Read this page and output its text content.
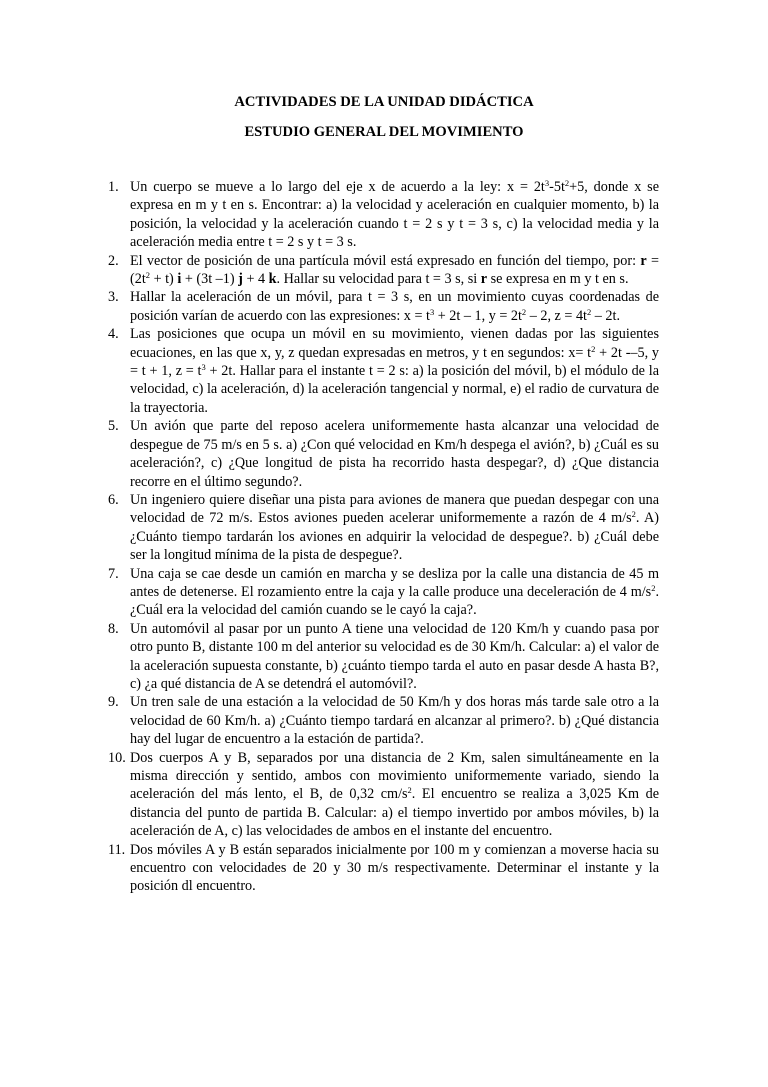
ACTIVIDADES DE LA UNIDAD DIDÁCTICA
ESTUDIO GENERAL DEL MOVIMIENTO
1. Un cuerpo se mueve a lo largo del eje x de acuerdo a la ley: $x = 2t^3-5t^2+5$, donde x se expresa en m y t en s. Encontrar: a) la velocidad y aceleración en cualquier momento, b) la posición, la velocidad y la aceleración cuando t = 2 s y t = 3 s, c) la velocidad media y la aceleración media entre t = 2 s y t = 3 s.
2. El vector de posición de una partícula móvil está expresado en función del tiempo, por: $r = (2t^2 + t) i + (3t$ –1) j + 4 k. Hallar su velocidad para t = 3 s, si r se expresa en m y t en s.
3. Hallar la aceleración de un móvil, para t = 3 s, en un movimiento cuyas coordenadas de posición varían de acuerdo con las expresiones: $x = t^3 + 2t - 1$, $y = 2t^2 - 2$, $z = 4t^2 - 2t$.
4. Las posiciones que ocupa un móvil en su movimiento, vienen dadas por las siguientes ecuaciones, en las que x, y, z quedan expresadas en metros, y t en segundos: $x= t^2 + 2t$ -–5, y = t + 1, $z = t^3 + 2t$. Hallar para el instante t = 2 s: a) la posición del móvil, b) el módulo de la velocidad, c) la aceleración, d) la aceleración tangencial y normal, e) el radio de curvatura de la trayectoria.
5. Un avión que parte del reposo acelera uniformemente hasta alcanzar una velocidad de despegue de 75 m/s en 5 s. a) ¿Con qué velocidad en Km/h despega el avión?, b) ¿Cuál es su aceleración?, c) ¿Que longitud de pista ha recorrido hasta despegar?, d) ¿Que distancia recorre en el último segundo?.
6. Un ingeniero quiere diseñar una pista para aviones de manera que puedan despegar con una velocidad de 72 m/s. Estos aviones pueden acelerar uniformemente a razón de 4 $m/s^2$. A) ¿Cuánto tiempo tardarán los aviones en adquirir la velocidad de despegue?. b) ¿Cuál debe ser la longitud mínima de la pista de despegue?.
7. Una caja se cae desde un camión en marcha y se desliza por la calle una distancia de 45 m antes de detenerse. El rozamiento entre la caja y la calle produce una deceleración de 4 $m/s^2$. ¿Cuál era la velocidad del camión cuando se le cayó la caja?.
8. Un automóvil al pasar por un punto A tiene una velocidad de 120 Km/h y cuando pasa por otro punto B, distante 100 m del anterior su velocidad es de 30 Km/h. Calcular: a) el valor de la aceleración supuesta constante, b) ¿cuánto tiempo tarda el auto en pasar desde A hasta B?, c) ¿a qué distancia de A se detendrá el automóvil?.
9. Un tren sale de una estación a la velocidad de 50 Km/h y dos horas más tarde sale otro a la velocidad de 60 Km/h. a) ¿Cuánto tiempo tardará en alcanzar al primero?. b) ¿Qué distancia hay del lugar de encuentro a la estación de partida?.
10. Dos cuerpos A y B, separados por una distancia de 2 Km, salen simultáneamente en la misma dirección y sentido, ambos con movimiento uniformemente variado, siendo la aceleración del más lento, el B, de 0,32 $cm/s^2$. El encuentro se realiza a 3,025 Km de distancia del punto de partida B. Calcular: a) el tiempo invertido por ambos móviles, b) la aceleración de A, c) las velocidades de ambos en el instante del encuentro.
11. Dos móviles A y B están separados inicialmente por 100 m y comienzan a moverse hacia su encuentro con velocidades de 20 y 30 m/s respectivamente. Determinar el instante y la posición dl encuentro.
